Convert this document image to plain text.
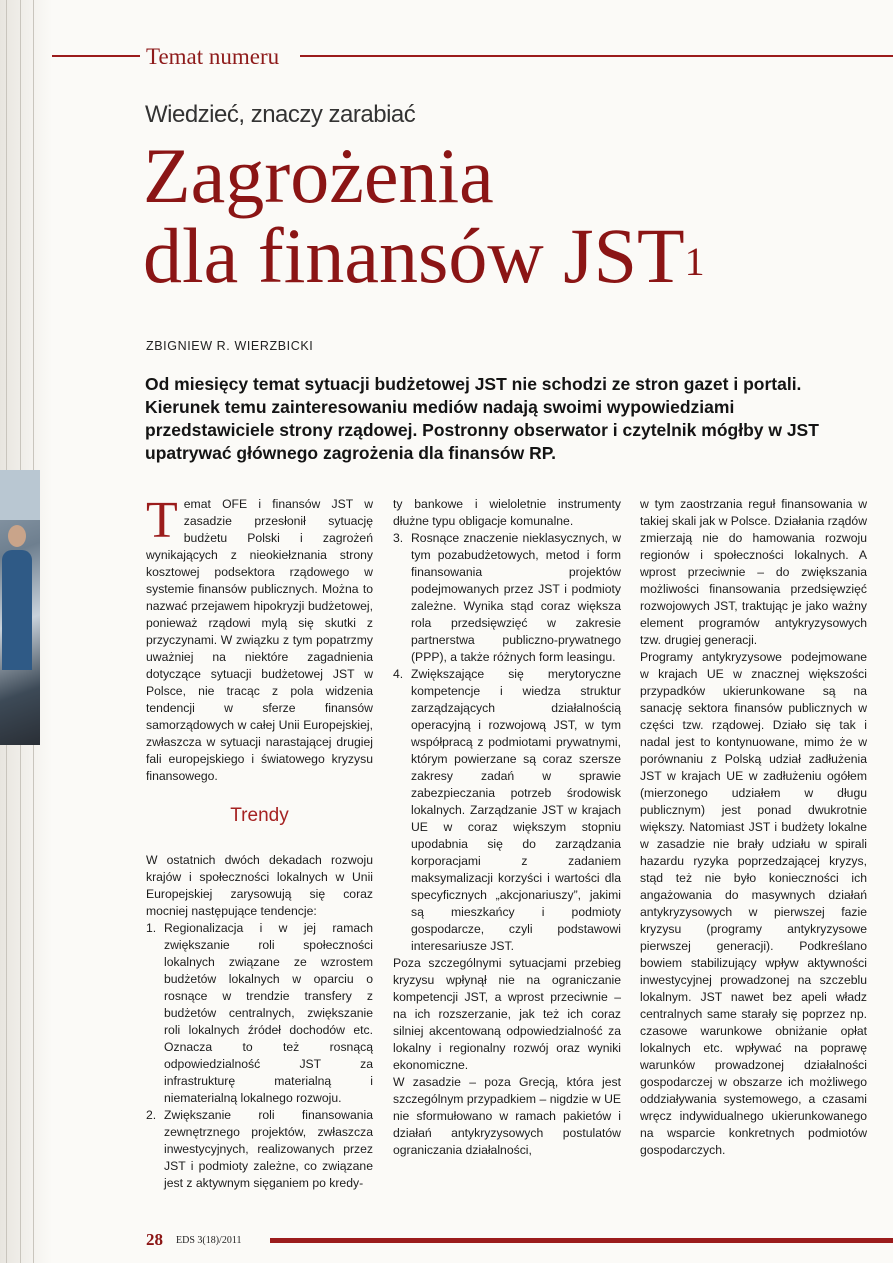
Temat numeru
Wiedzieć, znaczy zarabiać
Zagrożenia
dla finansów JST$^1$
ZBIGNIEW R. WIERZBICKI
Od miesięcy temat sytuacji budżetowej JST nie schodzi ze stron gazet i portali. Kierunek temu zainteresowaniu mediów nadają swoimi wypowiedziami przedstawiciele strony rządowej. Postronny obserwator i czytelnik mógłby w JST upatrywać głównego zagrożenia dla finansów RP.

Temat OFE i finansów JST w zasadzie przesłonił sytuację budżetu Polski i zagrożeń wynikających z nieokiełznania strony kosztowej podsektora rządowego w systemie finansów publicznych. Można to nazwać przejawem hipokryzji budżetowej, ponieważ rządowi mylą się skutki z przyczynami. W związku z tym popatrzmy uważniej na niektóre zagadnienia dotyczące sytuacji budżetowej JST w Polsce, nie tracąc z pola widzenia tendencji w sferze finansów samorządowych w całej Unii Europejskiej, zwłaszcza w sytuacji narastającej drugiej fali europejskiego i światowego kryzysu finansowego.

Trendy

W ostatnich dwóch dekadach rozwoju krajów i społeczności lokalnych w Unii Europejskiej zarysowują się coraz mocniej następujące tendencje:

1. Regionalizacja i w jej ramach zwiększanie roli społeczności lokalnych związane ze wzrostem budżetów lokalnych w oparciu o rosnące w trendzie transfery z budżetów centralnych, zwiększanie roli lokalnych źródeł dochodów etc. Oznacza to też rosnącą odpowiedzialność JST za infrastrukturę materialną i niematerialną lokalnego rozwoju.
2. Zwiększanie roli finansowania zewnętrznego projektów, zwłaszcza inwestycyjnych, realizowanych przez JST i podmioty zależne, co związane jest z aktywnym sięganiem po kredy-

ty bankowe i wieloletnie instrumenty dłużne typu obligacje komunalne.

3. Rosnące znaczenie nieklasycznych, w tym pozabudżetowych, metod i form finansowania projektów podejmowanych przez JST i podmioty zależne. Wynika stąd coraz większa rola przedsięwzięć w zakresie partnerstwa publiczno-prywatnego (PPP), a także różnych form leasingu.
4. Zwiększające się merytoryczne kompetencje i wiedza struktur zarządzających działalnością operacyjną i rozwojową JST, w tym współpracą z podmiotami prywatnymi, którym powierzane są coraz szersze zakresy zadań w sprawie zabezpieczania potrzeb środowisk lokalnych. Zarządzanie JST w krajach UE w coraz większym stopniu upodabnia się do zarządzania korporacjami z zadaniem maksymalizacji korzyści i wartości dla specyficznych „akcjonariuszy”, jakimi są mieszkańcy i podmioty gospodarcze, czyli podstawowi interesariusze JST.

Poza szczególnymi sytuacjami przebieg kryzysu wpłynął nie na ograniczanie kompetencji JST, a wprost przeciwnie – na ich rozszerzanie, jak też ich coraz silniej akcentowaną odpowiedzialność za lokalny i regionalny rozwój oraz wyniki ekonomiczne.

W zasadzie – poza Grecją, która jest szczególnym przypadkiem – nigdzie w UE nie sformułowano w ramach pakietów i działań antykryzysowych postulatów ograniczania działalności,

w tym zaostrzania reguł finansowania w takiej skali jak w Polsce. Działania rządów zmierzają nie do hamowania rozwoju regionów i społeczności lokalnych. A wprost przeciwnie – do zwiększania możliwości finansowania przedsięwzięć rozwojowych JST, traktując je jako ważny element programów antykryzysowych tzw. drugiej generacji.

Programy antykryzysowe podejmowane w krajach UE w znacznej większości przypadków ukierunkowane są na sanację sektora finansów publicznych w części tzw. rządowej. Działo się tak i nadal jest to kontynuowane, mimo że w porównaniu z Polską udział zadłużenia JST w krajach UE w zadłużeniu ogółem (mierzonego udziałem w długu publicznym) jest ponad dwukrotnie większy. Natomiast JST i budżety lokalne w zasadzie nie brały udziału w spirali hazardu ryzyka poprzedzającej kryzys, stąd też nie było konieczności ich angażowania do masywnych działań antykryzysowych w pierwszej fazie kryzysu (programy antykryzysowe pierwszej generacji). Podkreślano bowiem stabilizujący wpływ aktywności inwestycyjnej prowadzonej na szczeblu lokalnym. JST nawet bez apeli władz centralnych same starały się poprzez np. czasowe warunkowe obniżanie opłat lokalnych etc. wpływać na poprawę warunków prowadzonej działalności gospodarczej w obszarze ich możliwego oddziaływania systemowego, a czasami wręcz indywidualnego ukierunkowanego na wsparcie konkretnych podmiotów gospodarczych.

28 EDS 3(18)/2011
